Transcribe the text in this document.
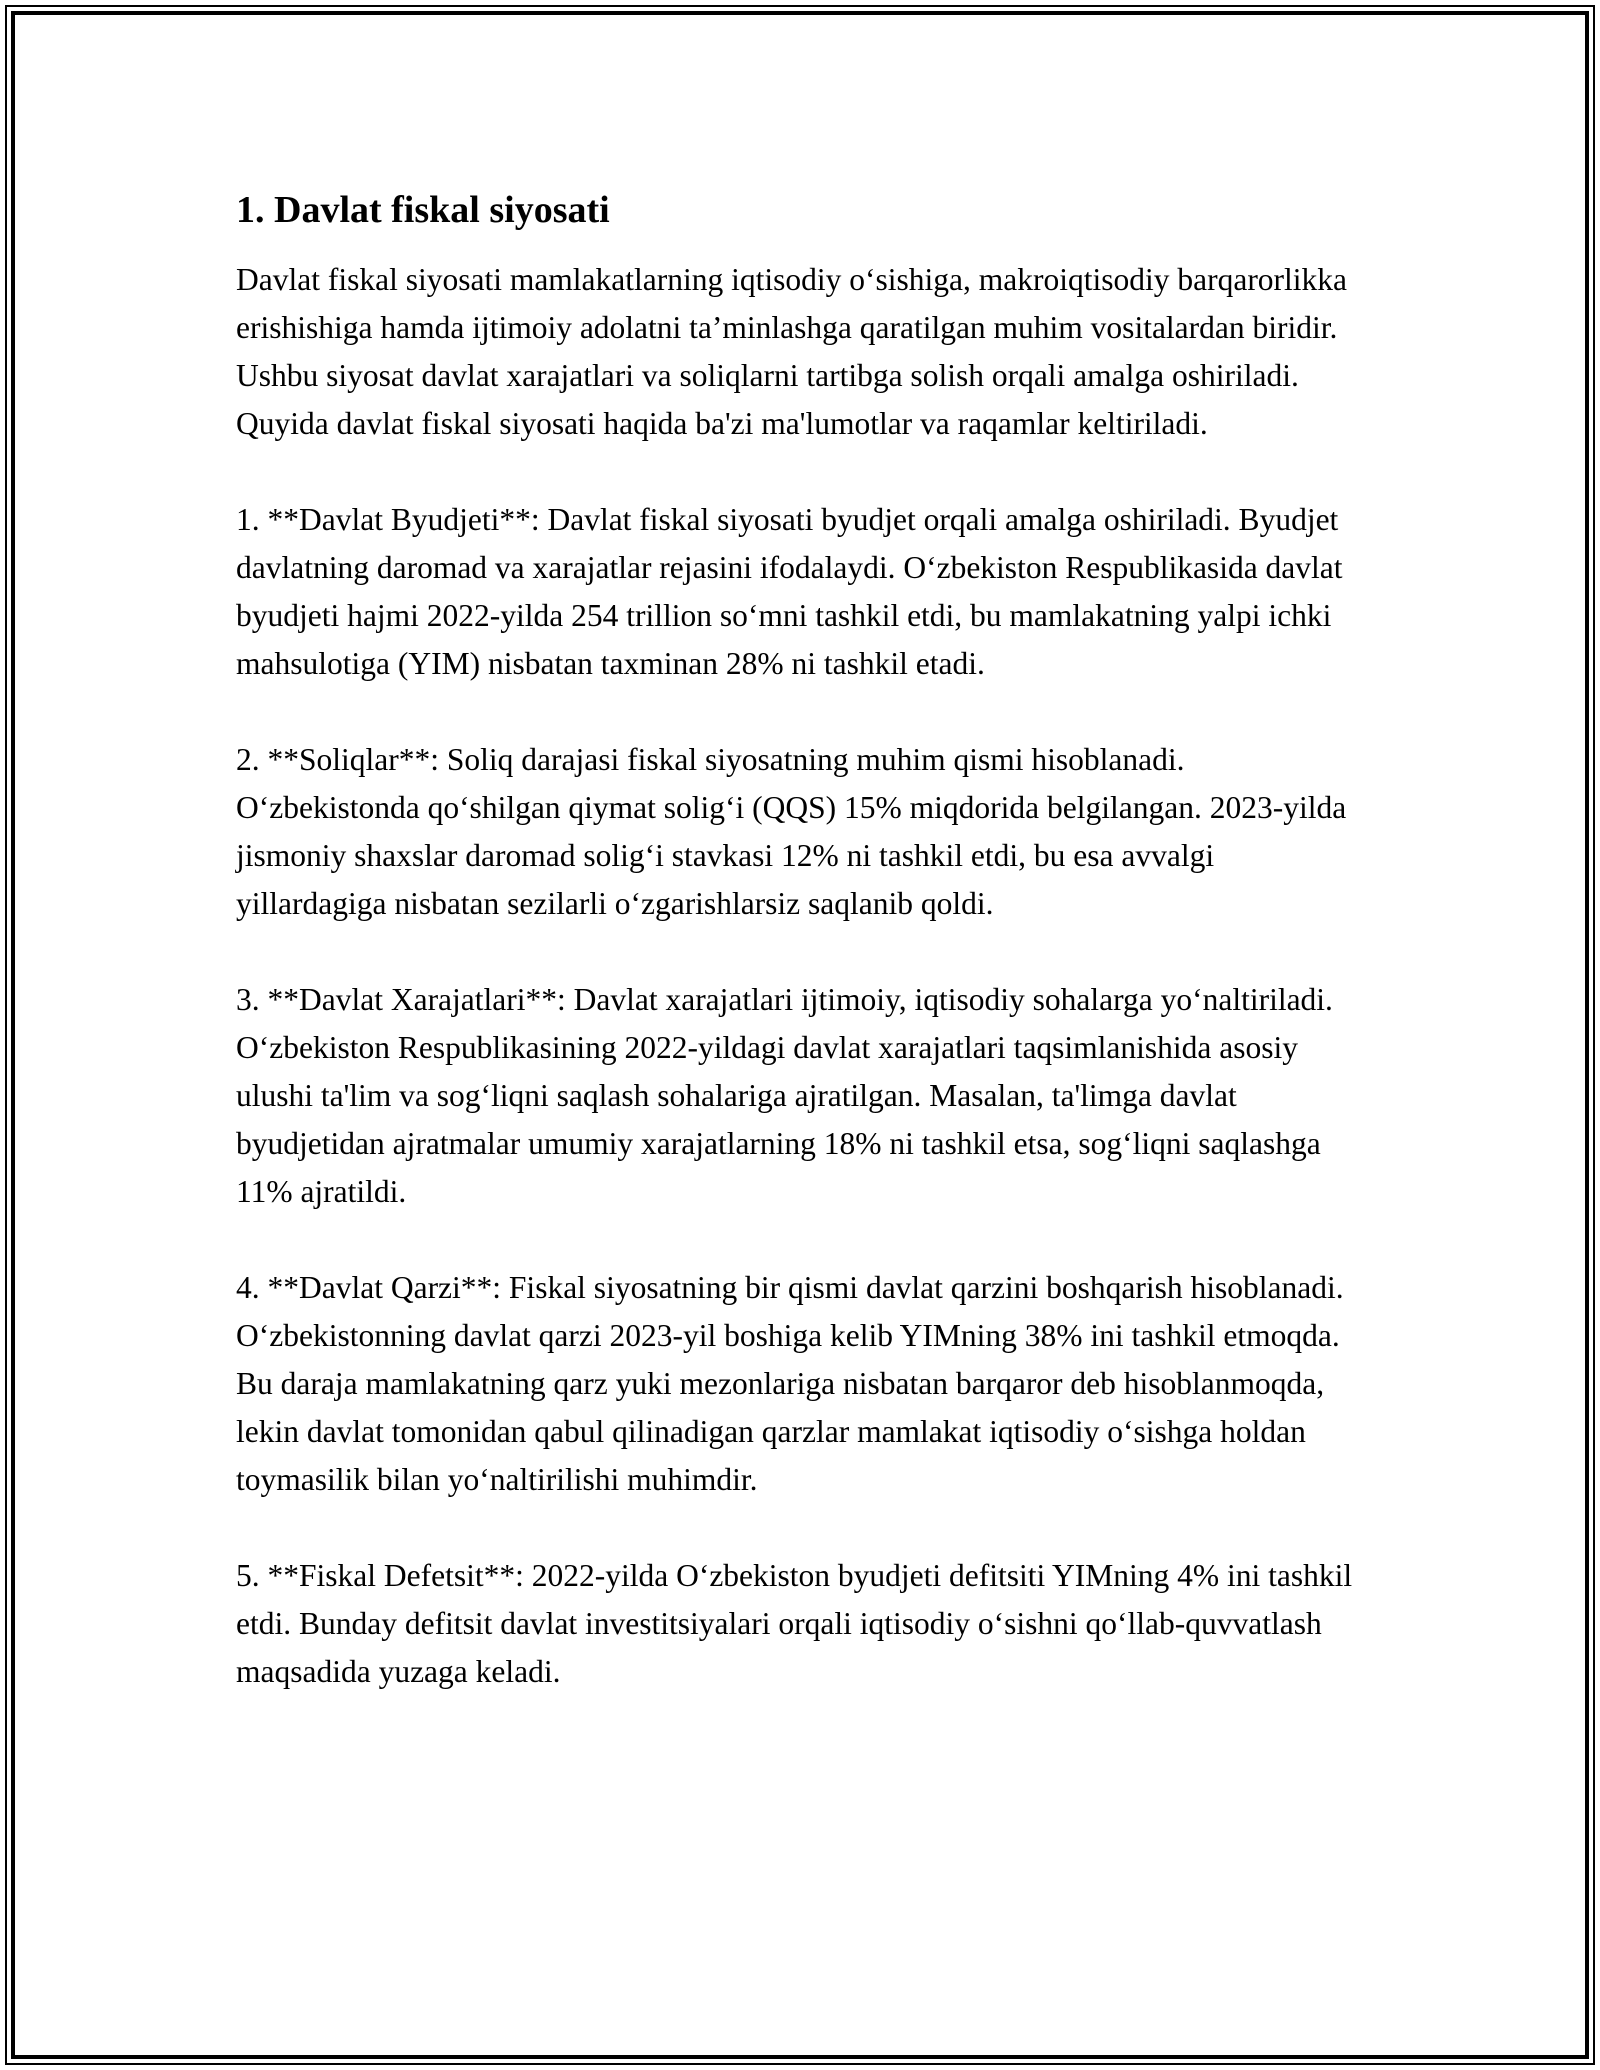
1. Davlat fiskal siyosati

Davlat fiskal siyosati mamlakatlarning iqtisodiy o‘sishiga, makroiqtisodiy barqarorlikka erishishiga hamda ijtimoiy adolatni ta’minlashga qaratilgan muhim vositalardan biridir. Ushbu siyosat davlat xarajatlari va soliqlarni tartibga solish orqali amalga oshiriladi. Quyida davlat fiskal siyosati haqida ba'zi ma'lumotlar va raqamlar keltiriladi.

1. **Davlat Byudjeti**: Davlat fiskal siyosati byudjet orqali amalga oshiriladi. Byudjet davlatning daromad va xarajatlar rejasini ifodalaydi. O‘zbekiston Respublikasida davlat byudjeti hajmi 2022-yilda 254 trillion so‘mni tashkil etdi, bu mamlakatning yalpi ichki mahsulotiga (YIM) nisbatan taxminan 28% ni tashkil etadi.

2. **Soliqlar**: Soliq darajasi fiskal siyosatning muhim qismi hisoblanadi. O‘zbekistonda qo‘shilgan qiymat solig‘i (QQS) 15% miqdorida belgilangan. 2023-yilda jismoniy shaxslar daromad solig‘i stavkasi 12% ni tashkil etdi, bu esa avvalgi yillardagiga nisbatan sezilarli o‘zgarishlarsiz saqlanib qoldi.

3. **Davlat Xarajatlari**: Davlat xarajatlari ijtimoiy, iqtisodiy sohalarga yo‘naltiriladi. O‘zbekiston Respublikasining 2022-yildagi davlat xarajatlari taqsimlanishida asosiy ulushi ta'lim va sog‘liqni saqlash sohalariga ajratilgan. Masalan, ta'limga davlat byudjetidan ajratmalar umumiy xarajatlarning 18% ni tashkil etsa, sog‘liqni saqlashga 11% ajratildi.

4. **Davlat Qarzi**: Fiskal siyosatning bir qismi davlat qarzini boshqarish hisoblanadi. O‘zbekistonning davlat qarzi 2023-yil boshiga kelib YIMning 38% ini tashkil etmoqda. Bu daraja mamlakatning qarz yuki mezonlariga nisbatan barqaror deb hisoblanmoqda, lekin davlat tomonidan qabul qilinadigan qarzlar mamlakat iqtisodiy o‘sishga holdan toymasilik bilan yo‘naltirilishi muhimdir.

5. **Fiskal Defetsit**: 2022-yilda O‘zbekiston byudjeti defitsiti YIMning 4% ini tashkil etdi. Bunday defitsit davlat investitsiyalari orqali iqtisodiy o‘sishni qo‘llab-quvvatlash maqsadida yuzaga keladi.
